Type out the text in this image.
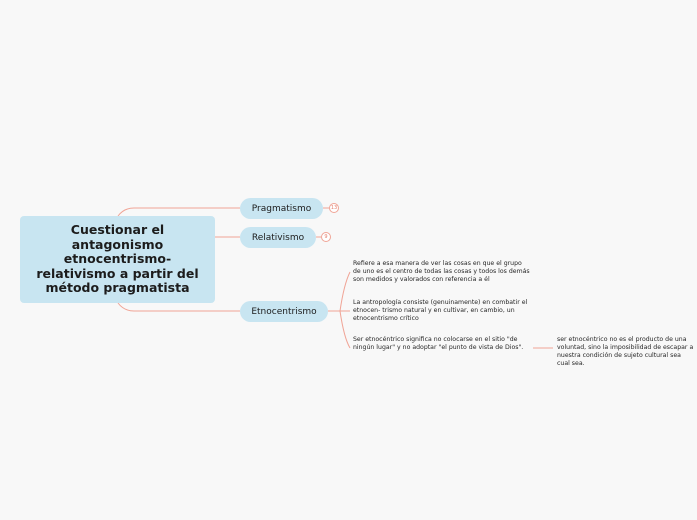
Cuestionar el antagonismo etnocentrismo-relativismo a partir del método pragmatista
Pragmatismo	13
Relativismo	9
Etnocentrismo
Refiere a esa manera de ver las cosas en que el grupo de uno es el centro de todas las cosas y todos los demás son medidos y valorados con referencia a él
La antropología consiste (genuinamente) en combatir el etnocen- trismo natural y en cultivar, en cambio, un etnocentrismo crítico
Ser etnocéntrico significa no colocarse en el sitio "de ningún lugar" y no adoptar "el punto de vista de Dios".
ser etnocéntrico no es el producto de una voluntad, sino la imposibilidad de escapar a nuestra condición de sujeto cultural sea cual sea.
